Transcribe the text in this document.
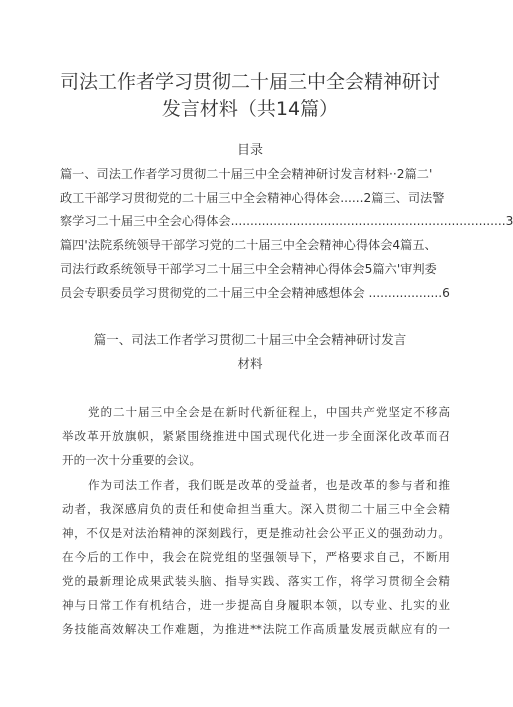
司法工作者学习贯彻二十届三中全会精神研讨
发言材料（共14篇）
目录
篇一、司法工作者学习贯彻二十届三中全会精神研讨发言材料··2篇二'
政工干部学习贯彻党的二十届三中全会精神心得体会......2篇三、司法警
察学习二十届三中全会心得体会.......................................................................3
篇四'法院系统领导干部学习党的二十届三中全会精神心得体会4篇五、
司法行政系统领导干部学习二十届三中全会精神心得体会5篇六'审判委
员会专职委员学习贯彻党的二十届三中全会精神感想体会 ...................6
篇一、司法工作者学习贯彻二十届三中全会精神研讨发言
材料
党的二十届三中全会是在新时代新征程上，中国共产党坚定不移高
举改革开放旗帜，紧紧围绕推进中国式现代化进一步全面深化改革而召
开的一次十分重要的会议。
作为司法工作者，我们既是改革的受益者，也是改革的参与者和推
动者，我深感肩负的责任和使命担当重大。深入贯彻二十届三中全会精
神，不仅是对法治精神的深刻践行，更是推动社会公平正义的强劲动力。
在今后的工作中，我会在院党组的坚强领导下，严格要求自己，不断用
党的最新理论成果武装头脑、指导实践、落实工作，将学习贯彻全会精
神与日常工作有机结合，进一步提高自身履职本领，以专业、扎实的业
务技能高效解决工作难题，为推进**法院工作高质量发展贡献应有的一
